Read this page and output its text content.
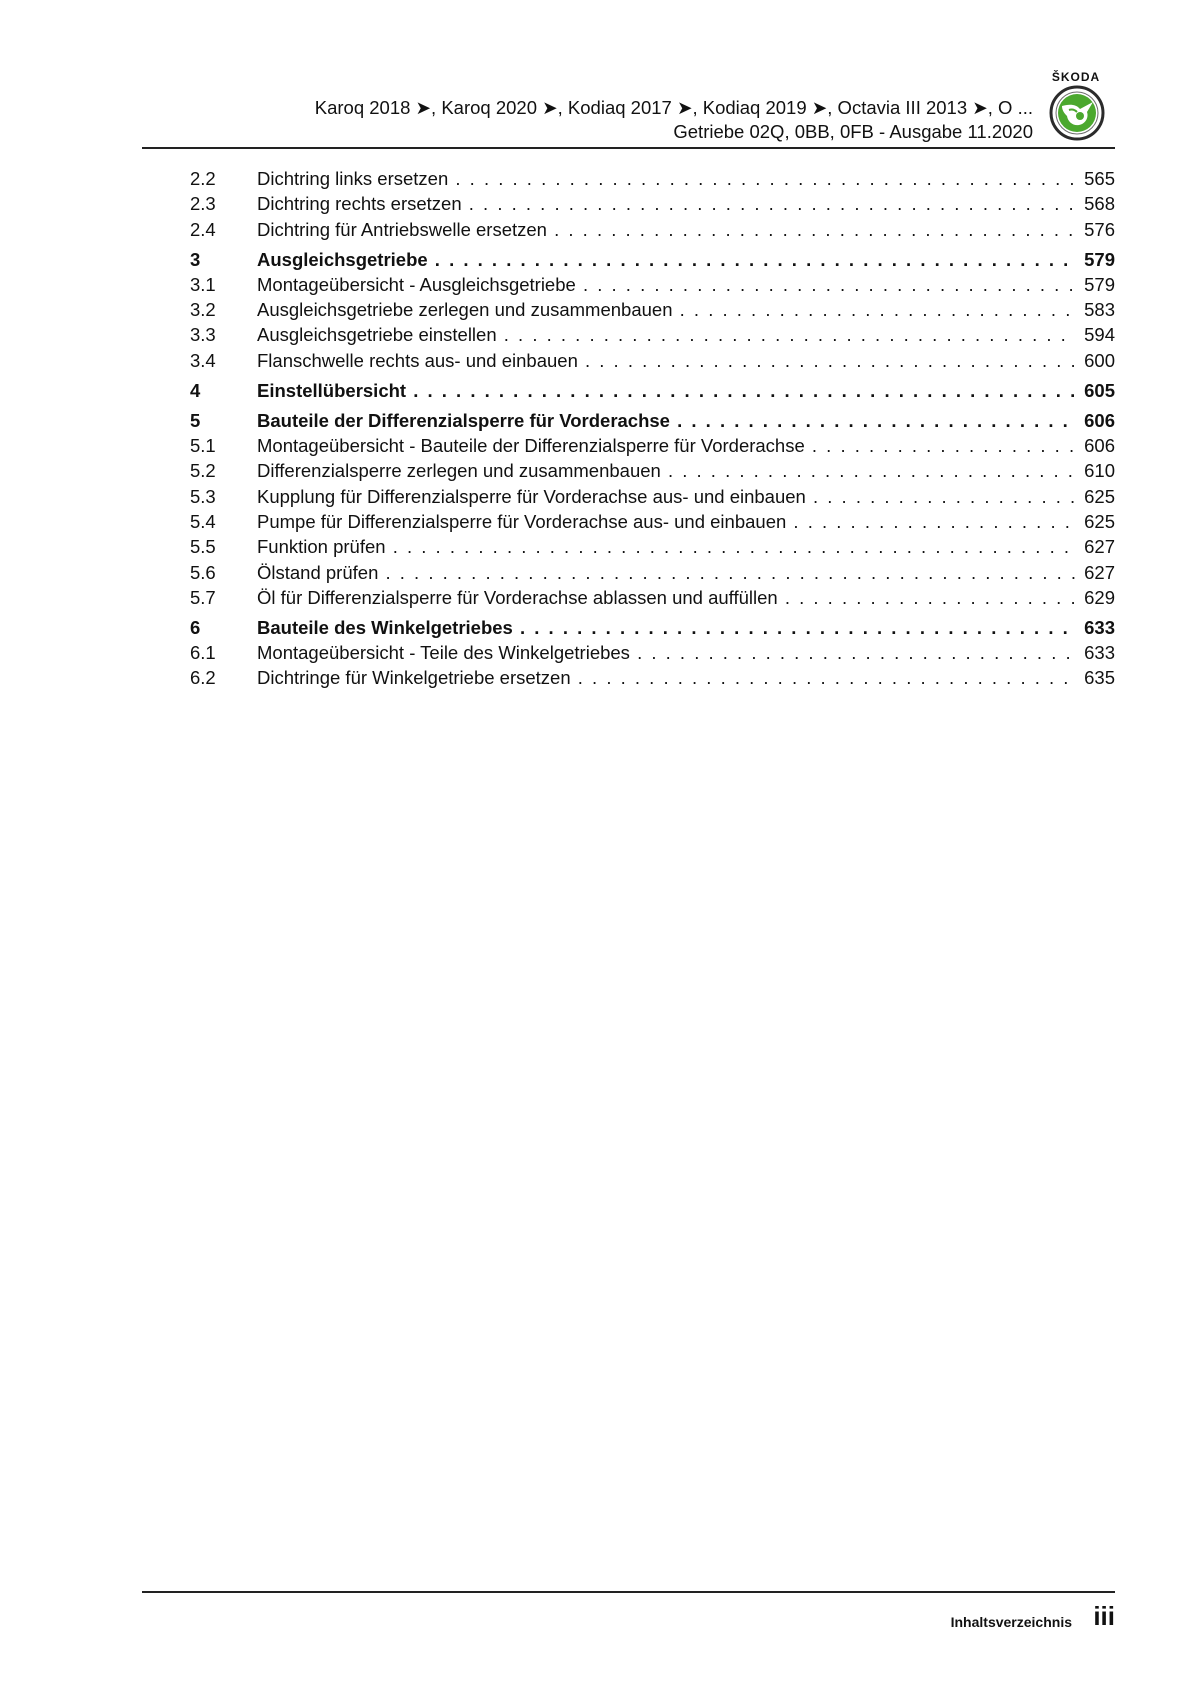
Karoq 2018 ➤, Karoq 2020 ➤, Kodiaq 2017 ➤, Kodiaq 2019 ➤, Octavia III 2013 ➤, O ...
Getriebe 02Q, 0BB, 0FB - Ausgabe 11.2020
ŠKODA
2.2 Dichtring links ersetzen . . .	565
2.3 Dichtring rechts ersetzen . . .	568
2.4 Dichtring für Antriebswelle ersetzen . . .	576
3	Ausgleichsgetriebe . . .	579
3.1 Montageübersicht - Ausgleichsgetriebe . . .	579
3.2 Ausgleichsgetriebe zerlegen und zusammenbauen . . .	583
3.3 Ausgleichsgetriebe einstellen . . .	594
3.4 Flanschwelle rechts aus- und einbauen . . .	600
4	Einstellübersicht . . .	605
5	Bauteile der Differenzialsperre für Vorderachse . . .	606
5.1 Montageübersicht - Bauteile der Differenzialsperre für Vorderachse . . .	606
5.2 Differenzialsperre zerlegen und zusammenbauen . . .	610
5.3 Kupplung für Differenzialsperre für Vorderachse aus- und einbauen . . .	625
5.4 Pumpe für Differenzialsperre für Vorderachse aus- und einbauen . . .	625
5.5 Funktion prüfen . . .	627
5.6 Ölstand prüfen . . .	627
5.7 Öl für Differenzialsperre für Vorderachse ablassen und auffüllen . . .	629
6	Bauteile des Winkelgetriebes . . .	633
6.1 Montageübersicht - Teile des Winkelgetriebes . . .	633
6.2 Dichtringe für Winkelgetriebe ersetzen . . .	635
Inhaltsverzeichnis iii
